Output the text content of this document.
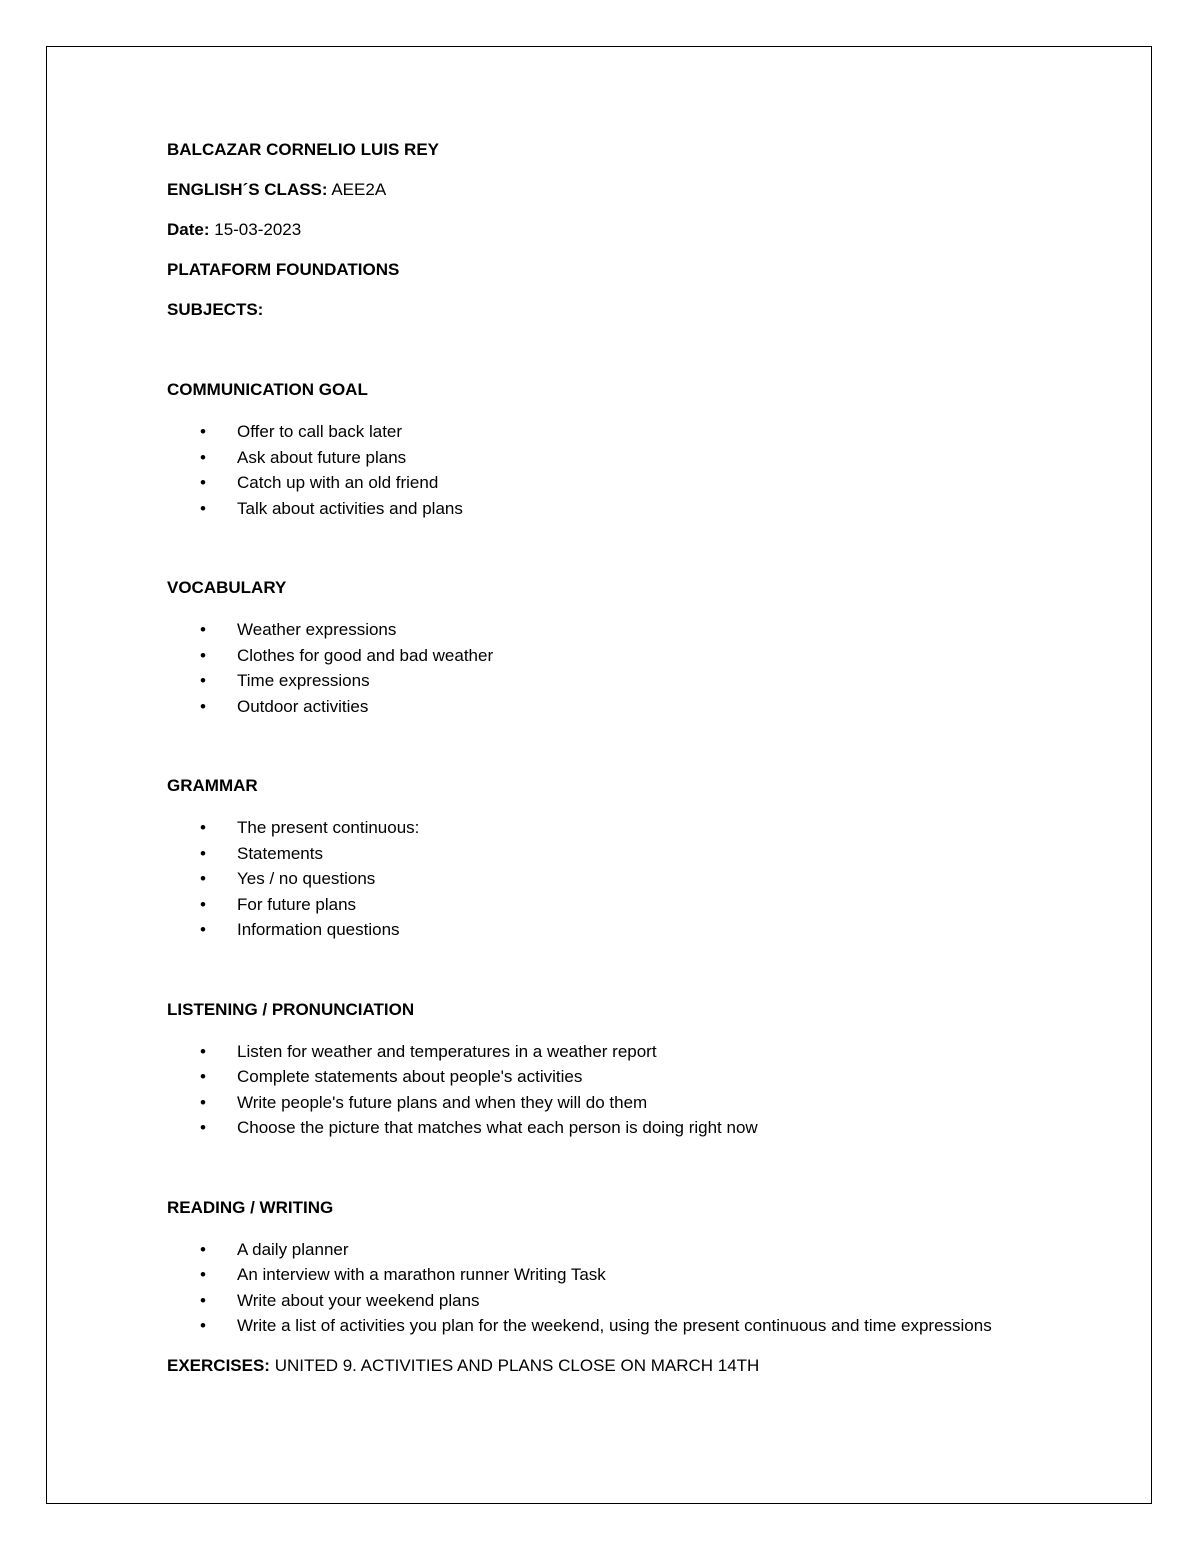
BALCAZAR CORNELIO LUIS REY

ENGLISH´S CLASS: AEE2A

Date: 15-03-2023

PLATAFORM FOUNDATIONS

SUBJECTS:

COMMUNICATION GOAL

• Offer to call back later
• Ask about future plans
• Catch up with an old friend
• Talk about activities and plans

VOCABULARY

• Weather expressions
• Clothes for good and bad weather
• Time expressions
• Outdoor activities

GRAMMAR

• The present continuous:
• Statements
• Yes / no questions
• For future plans
• Information questions

LISTENING / PRONUNCIATION

• Listen for weather and temperatures in a weather report
• Complete statements about people's activities
• Write people's future plans and when they will do them
• Choose the picture that matches what each person is doing right now

READING / WRITING

• A daily planner
• An interview with a marathon runner Writing Task
• Write about your weekend plans
• Write a list of activities you plan for the weekend, using the present continuous and time expressions

EXERCISES: UNITED 9. ACTIVITIES AND PLANS CLOSE ON MARCH 14TH
